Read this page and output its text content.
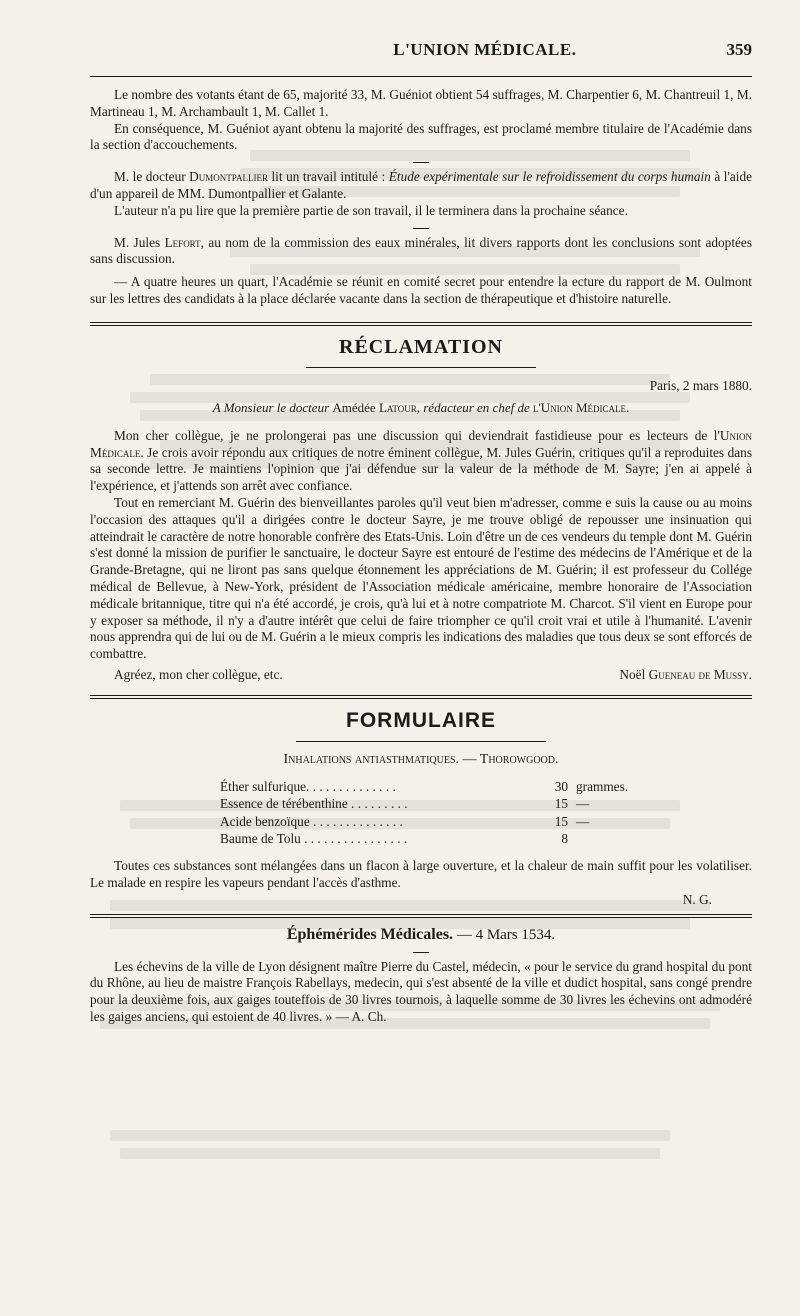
L'UNION MÉDICALE.	359

Le nombre des votants étant de 65, majorité 33, M. Guéniot obtient 54 suffrages, M. Charpentier 6, M. Chantreuil 1, M. Martineau 1, M. Archambault 1, M. Callet 1.

En conséquence, M. Guéniot ayant obtenu la majorité des suffrages, est proclamé membre titulaire de l'Académie dans la section d'accouchements.

M. le docteur Dumontpallier lit un travail intitulé : Étude expérimentale sur le refroidissement du corps humain à l'aide d'un appareil de MM. Dumontpallier et Galante.

L'auteur n'a pu lire que la première partie de son travail, il le terminera dans la prochaine séance.

M. Jules Lefort, au nom de la commission des eaux minérales, lit divers rapports dont les conclusions sont adoptées sans discussion.

— A quatre heures un quart, l'Académie se réunit en comité secret pour entendre la ecture du rapport de M. Oulmont sur les lettres des candidats à la place déclarée vacante dans la section de thérapeutique et d'histoire naturelle.

RÉCLAMATION
Paris, 2 mars 1880.
A Monsieur le docteur Amédée Latour, rédacteur en chef de l'Union Médicale.

Mon cher collègue, je ne prolongerai pas une discussion qui deviendrait fastidieuse pour es lecteurs de l'Union Médicale. Je crois avoir répondu aux critiques de notre éminent collègue, M. Jules Guérin, critiques qu'il a reproduites dans sa seconde lettre. Je maintiens l'opinion que j'ai défendue sur la valeur de la méthode de M. Sayre; j'en ai appelé à l'expérience, et j'attends son arrêt avec confiance.

Tout en remerciant M. Guérin des bienveillantes paroles qu'il veut bien m'adresser, comme e suis la cause ou au moins l'occasion des attaques qu'il a dirigées contre le docteur Sayre, je me trouve obligé de repousser une insinuation qui atteindrait le caractère de notre honorable confrère des Etats-Unis. Loin d'être un de ces vendeurs du temple dont M. Guérin s'est donné la mission de purifier le sanctuaire, le docteur Sayre est entouré de l'estime des médecins de l'Amérique et de la Grande-Bretagne, qui ne liront pas sans quelque étonnement les appréciations de M. Guérin; il est professeur du Collége médical de Bellevue, à New-York, président de l'Association médicale américaine, membre honoraire de l'Association médicale britannique, titre qui n'a été accordé, je crois, qu'à lui et à notre compatriote M. Charcot. S'il vient en Europe pour y exposer sa méthode, il n'y a d'autre intérêt que celui de faire triompher ce qu'il croit vrai et utile à l'humanité. L'avenir nous apprendra qui de lui ou de M. Guérin a le mieux compris les indications des maladies que tous deux se sont efforcés de combattre.

Agréez, mon cher collègue, etc.	Noël Gueneau de Mussy.
FORMULAIRE
Inhalations antiasthmatiques. — Thorowgood.
Éther sulfurique. . . . . . . . . . . . . .	30 grammes.
Essence de térébenthine . . . . . . . . .	15 —
Acide benzoïque . . . . . . . . . . . . . .	15 —
Baume de Tolu . . . . . . . . . . . . . . . .	8

Toutes ces substances sont mélangées dans un flacon à large ouverture, et la chaleur de main suffit pour les volatiliser. Le malade en respire les vapeurs pendant l'accès d'asthme.

N. G.
Éphémérides Médicales. — 4 Mars 1534.

Les échevins de la ville de Lyon désignent maître Pierre du Castel, médecin, « pour le service du grand hospital du pont du Rhône, au lieu de maistre François Rabellays, medecin, qui s'est absenté de la ville et dudict hospital, sans congé prendre pour la deuxième fois, aux gaiges touteffois de 30 livres tournois, à laquelle somme de 30 livres les échevins ont admodéré les gaiges anciens, qui estoient de 40 livres. » — A. Ch.
